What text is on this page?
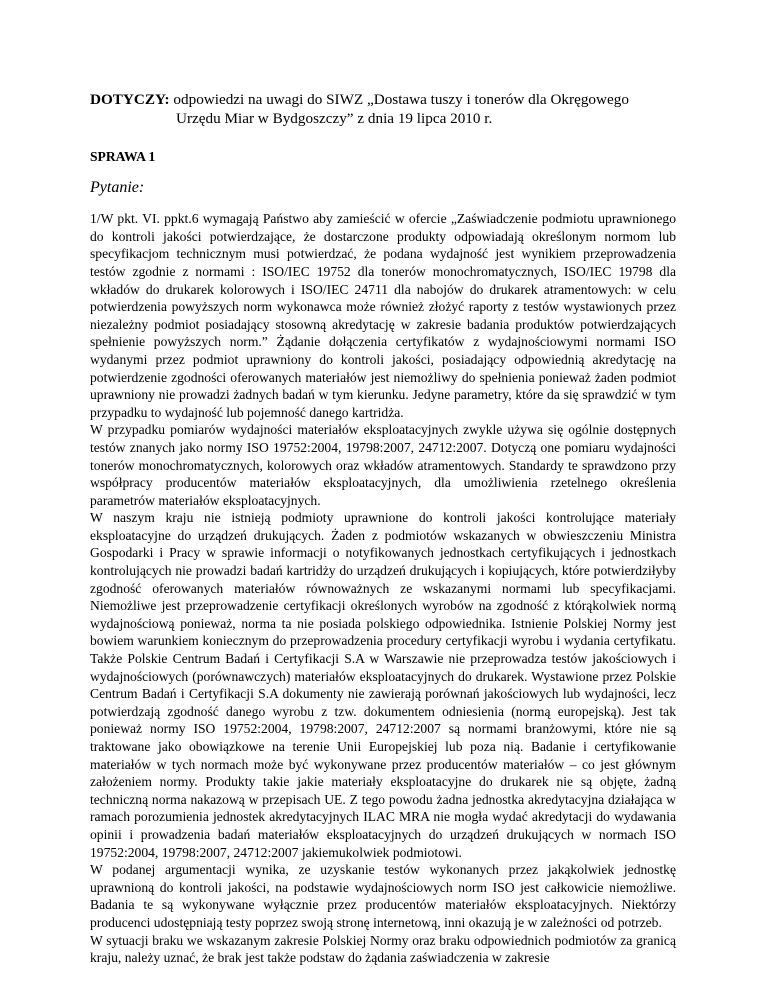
DOTYCZY: odpowiedzi na uwagi do SIWZ „Dostawa tuszy i tonerów dla Okręgowego
Urzędu Miar w Bydgoszczy” z dnia 19 lipca 2010 r.
SPRAWA 1
Pytanie:

1/W pkt. VI. ppkt.6 wymagają Państwo aby zamieścić w ofercie „Zaświadczenie podmiotu uprawnionego do kontroli jakości potwierdzające, że dostarczone produkty odpowiadają określonym normom lub specyfikacjom technicznym musi potwierdzać, że podana wydajność jest wynikiem przeprowadzenia testów zgodnie z normami : ISO/IEC 19752 dla tonerów monochromatycznych, ISO/IEC 19798 dla wkładów do drukarek kolorowych i ISO/IEC 24711 dla nabojów do drukarek atramentowych: w celu potwierdzenia powyższych norm wykonawca może również złożyć raporty z testów wystawionych przez niezależny podmiot posiadający stosowną akredytację w zakresie badania produktów potwierdzających spełnienie powyższych norm.” Żądanie dołączenia certyfikatów z wydajnościowymi normami ISO wydanymi przez podmiot uprawniony do kontroli jakości, posiadający odpowiednią akredytację na potwierdzenie zgodności oferowanych materiałów jest niemożliwy do spełnienia ponieważ żaden podmiot uprawniony nie prowadzi żadnych badań w tym kierunku. Jedyne parametry, które da się sprawdzić w tym przypadku to wydajność lub pojemność danego kartridża.

W przypadku pomiarów wydajności materiałów eksploatacyjnych zwykle używa się ogólnie dostępnych testów znanych jako normy ISO 19752:2004, 19798:2007, 24712:2007. Dotyczą one pomiaru wydajności tonerów monochromatycznych, kolorowych oraz wkładów atramentowych. Standardy te sprawdzono przy współpracy producentów materiałów eksploatacyjnych, dla umożliwienia rzetelnego określenia parametrów materiałów eksploatacyjnych.

W naszym kraju nie istnieją podmioty uprawnione do kontroli jakości kontrolujące materiały eksploatacyjne do urządzeń drukujących. Żaden z podmiotów wskazanych w obwieszczeniu Ministra Gospodarki i Pracy w sprawie informacji o notyfikowanych jednostkach certyfikujących i jednostkach kontrolujących nie prowadzi badań kartridży do urządzeń drukujących i kopiujących, które potwierdziłyby zgodność oferowanych materiałów równoważnych ze wskazanymi normami lub specyfikacjami. Niemożliwe jest przeprowadzenie certyfikacji określonych wyrobów na zgodność z którąkolwiek normą wydajnościową ponieważ, norma ta nie posiada polskiego odpowiednika. Istnienie Polskiej Normy jest bowiem warunkiem koniecznym do przeprowadzenia procedury certyfikacji wyrobu i wydania certyfikatu. Także Polskie Centrum Badań i Certyfikacji S.A w Warszawie nie przeprowadza testów jakościowych i wydajnościowych (porównawczych) materiałów eksploatacyjnych do drukarek. Wystawione przez Polskie Centrum Badań i Certyfikacji S.A dokumenty nie zawierają porównań jakościowych lub wydajności, lecz potwierdzają zgodność danego wyrobu z tzw. dokumentem odniesienia (normą europejską). Jest tak ponieważ normy ISO 19752:2004, 19798:2007, 24712:2007 są normami branżowymi, które nie są traktowane jako obowiązkowe na terenie Unii Europejskiej lub poza nią. Badanie i certyfikowanie materiałów w tych normach może być wykonywane przez producentów materiałów – co jest głównym założeniem normy. Produkty takie jakie materiały eksploatacyjne do drukarek nie są objęte, żadną techniczną norma nakazową w przepisach UE. Z tego powodu żadna jednostka akredytacyjna działająca w ramach porozumienia jednostek akredytacyjnych ILAC MRA nie mogła wydać akredytacji do wydawania opinii i prowadzenia badań materiałów eksploatacyjnych do urządzeń drukujących w normach ISO 19752:2004, 19798:2007, 24712:2007 jakiemukolwiek podmiotowi.

W podanej argumentacji wynika, ze uzyskanie testów wykonanych przez jakąkolwiek jednostkę uprawnioną do kontroli jakości, na podstawie wydajnościowych norm ISO jest całkowicie niemożliwe. Badania te są wykonywane wyłącznie przez producentów materiałów eksploatacyjnych. Niektórzy producenci udostępniają testy poprzez swoją stronę internetową, inni okazują je w zależności od potrzeb.

W sytuacji braku we wskazanym zakresie Polskiej Normy oraz braku odpowiednich podmiotów za granicą kraju, należy uznać, że brak jest także podstaw do żądania zaświadczenia w zakresie
